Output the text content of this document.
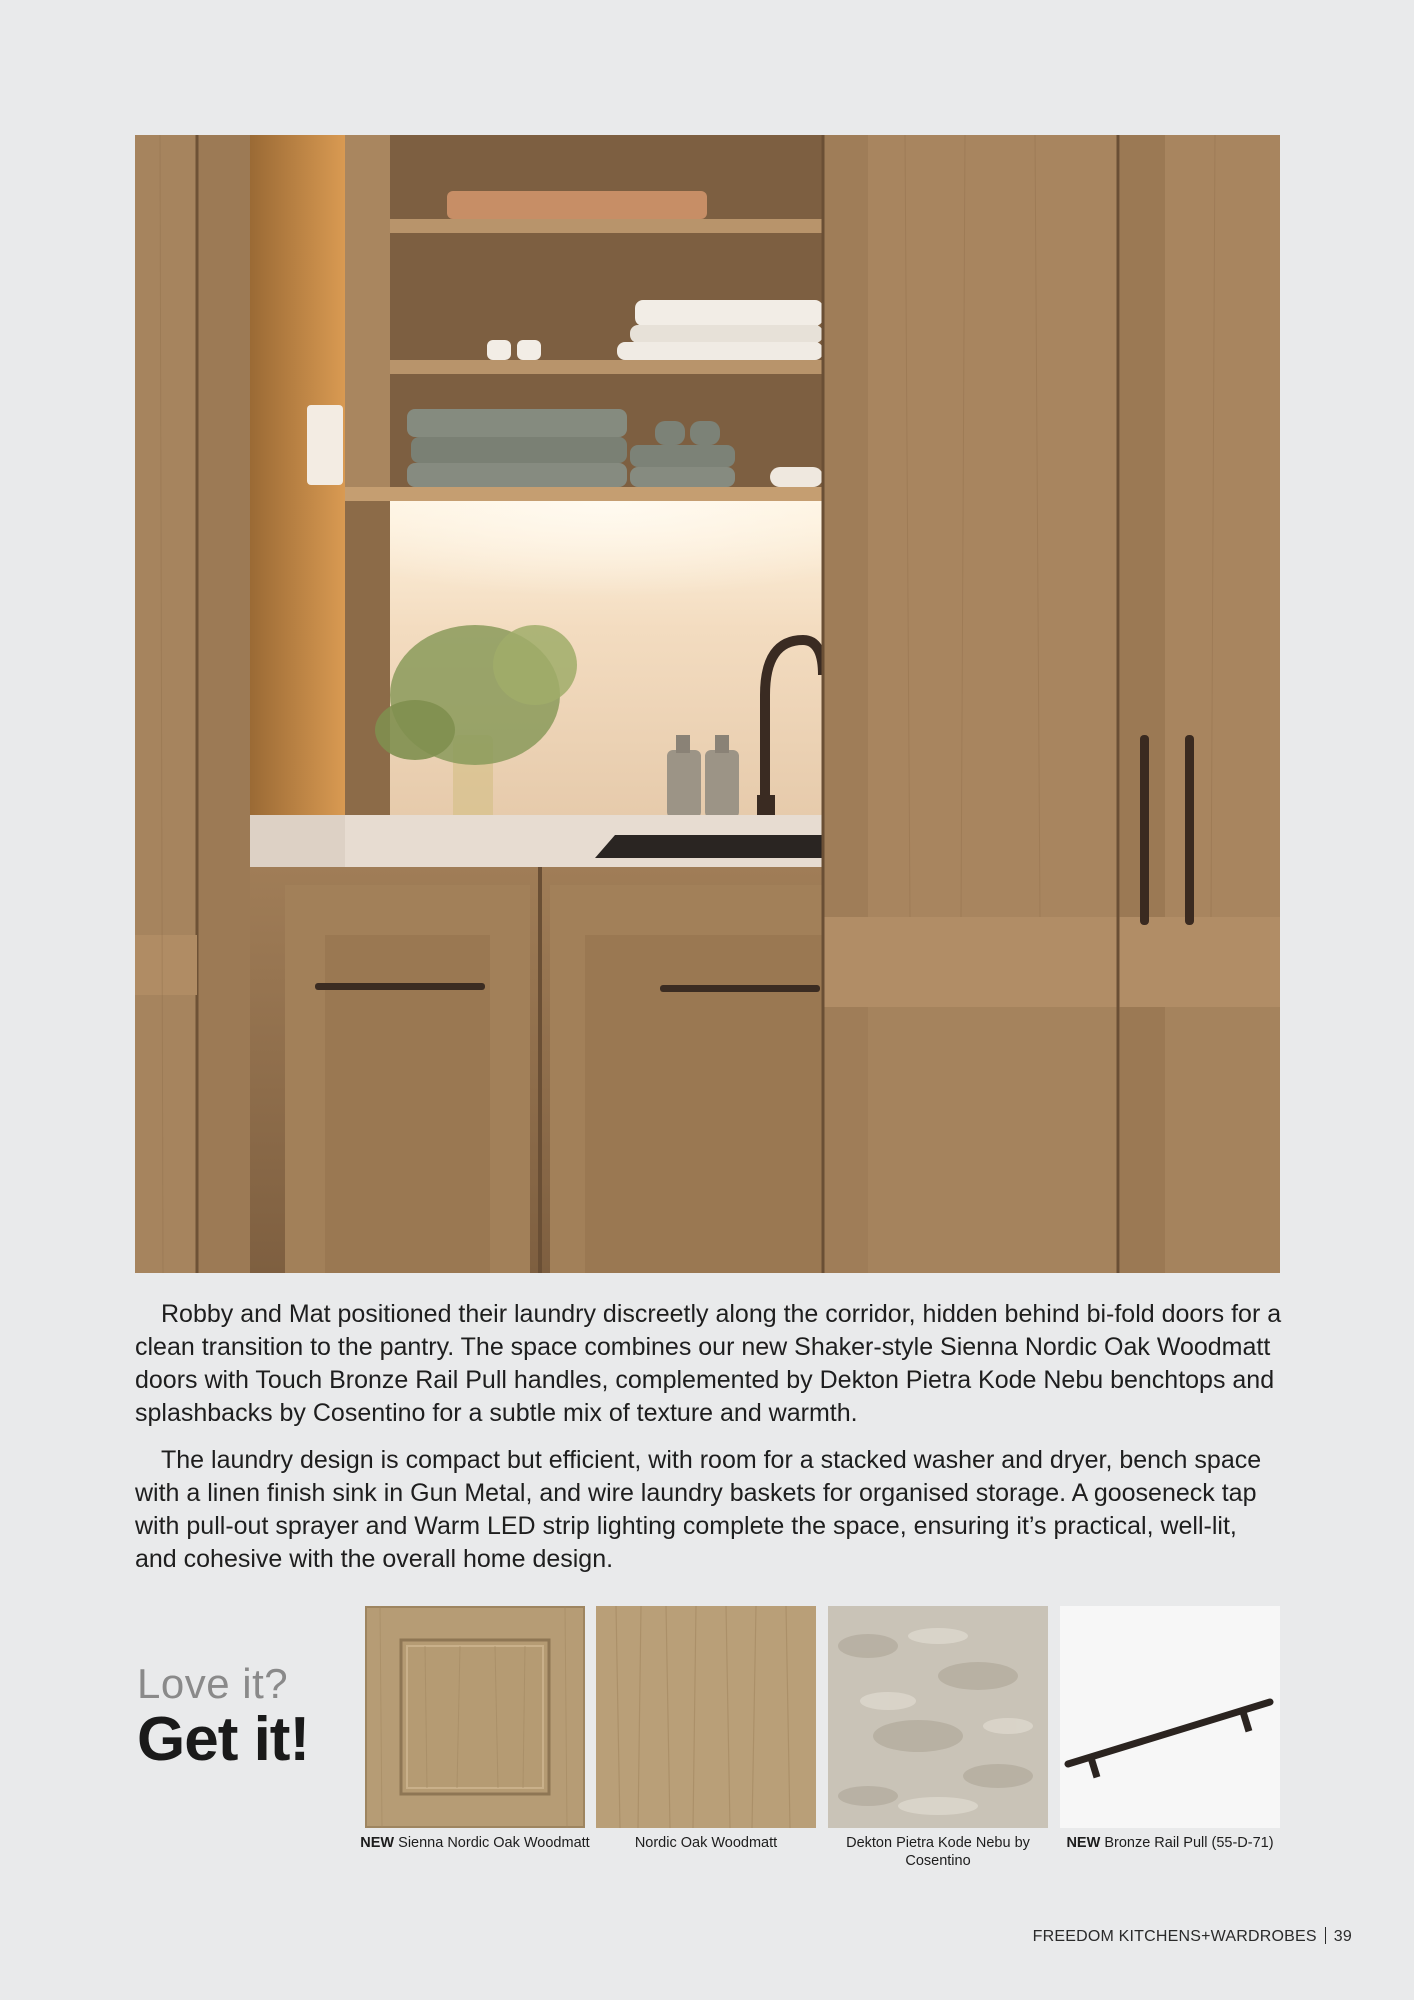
Robby and Mat positioned their laundry discreetly along the corridor, hidden behind bi-fold doors for a clean transition to the pantry. The space combines our new Shaker-style Sienna Nordic Oak Woodmatt doors with Touch Bronze Rail Pull handles, complemented by Dekton Pietra Kode Nebu benchtops and splashbacks by Cosentino for a subtle mix of texture and warmth.

The laundry design is compact but efficient, with room for a stacked washer and dryer, bench space with a linen finish sink in Gun Metal, and wire laundry baskets for organised storage. A gooseneck tap with pull-out sprayer and Warm LED strip lighting complete the space, ensuring it’s practical, well-lit, and cohesive with the overall home design.

Love it?
Get it!
NEW Sienna Nordic Oak Woodmatt	Nordic Oak Woodmatt	Dekton Pietra Kode Nebu by Cosentino
NEW Bronze Rail Pull (55-D-71)
FREEDOM KITCHENS+WARDROBES 39
